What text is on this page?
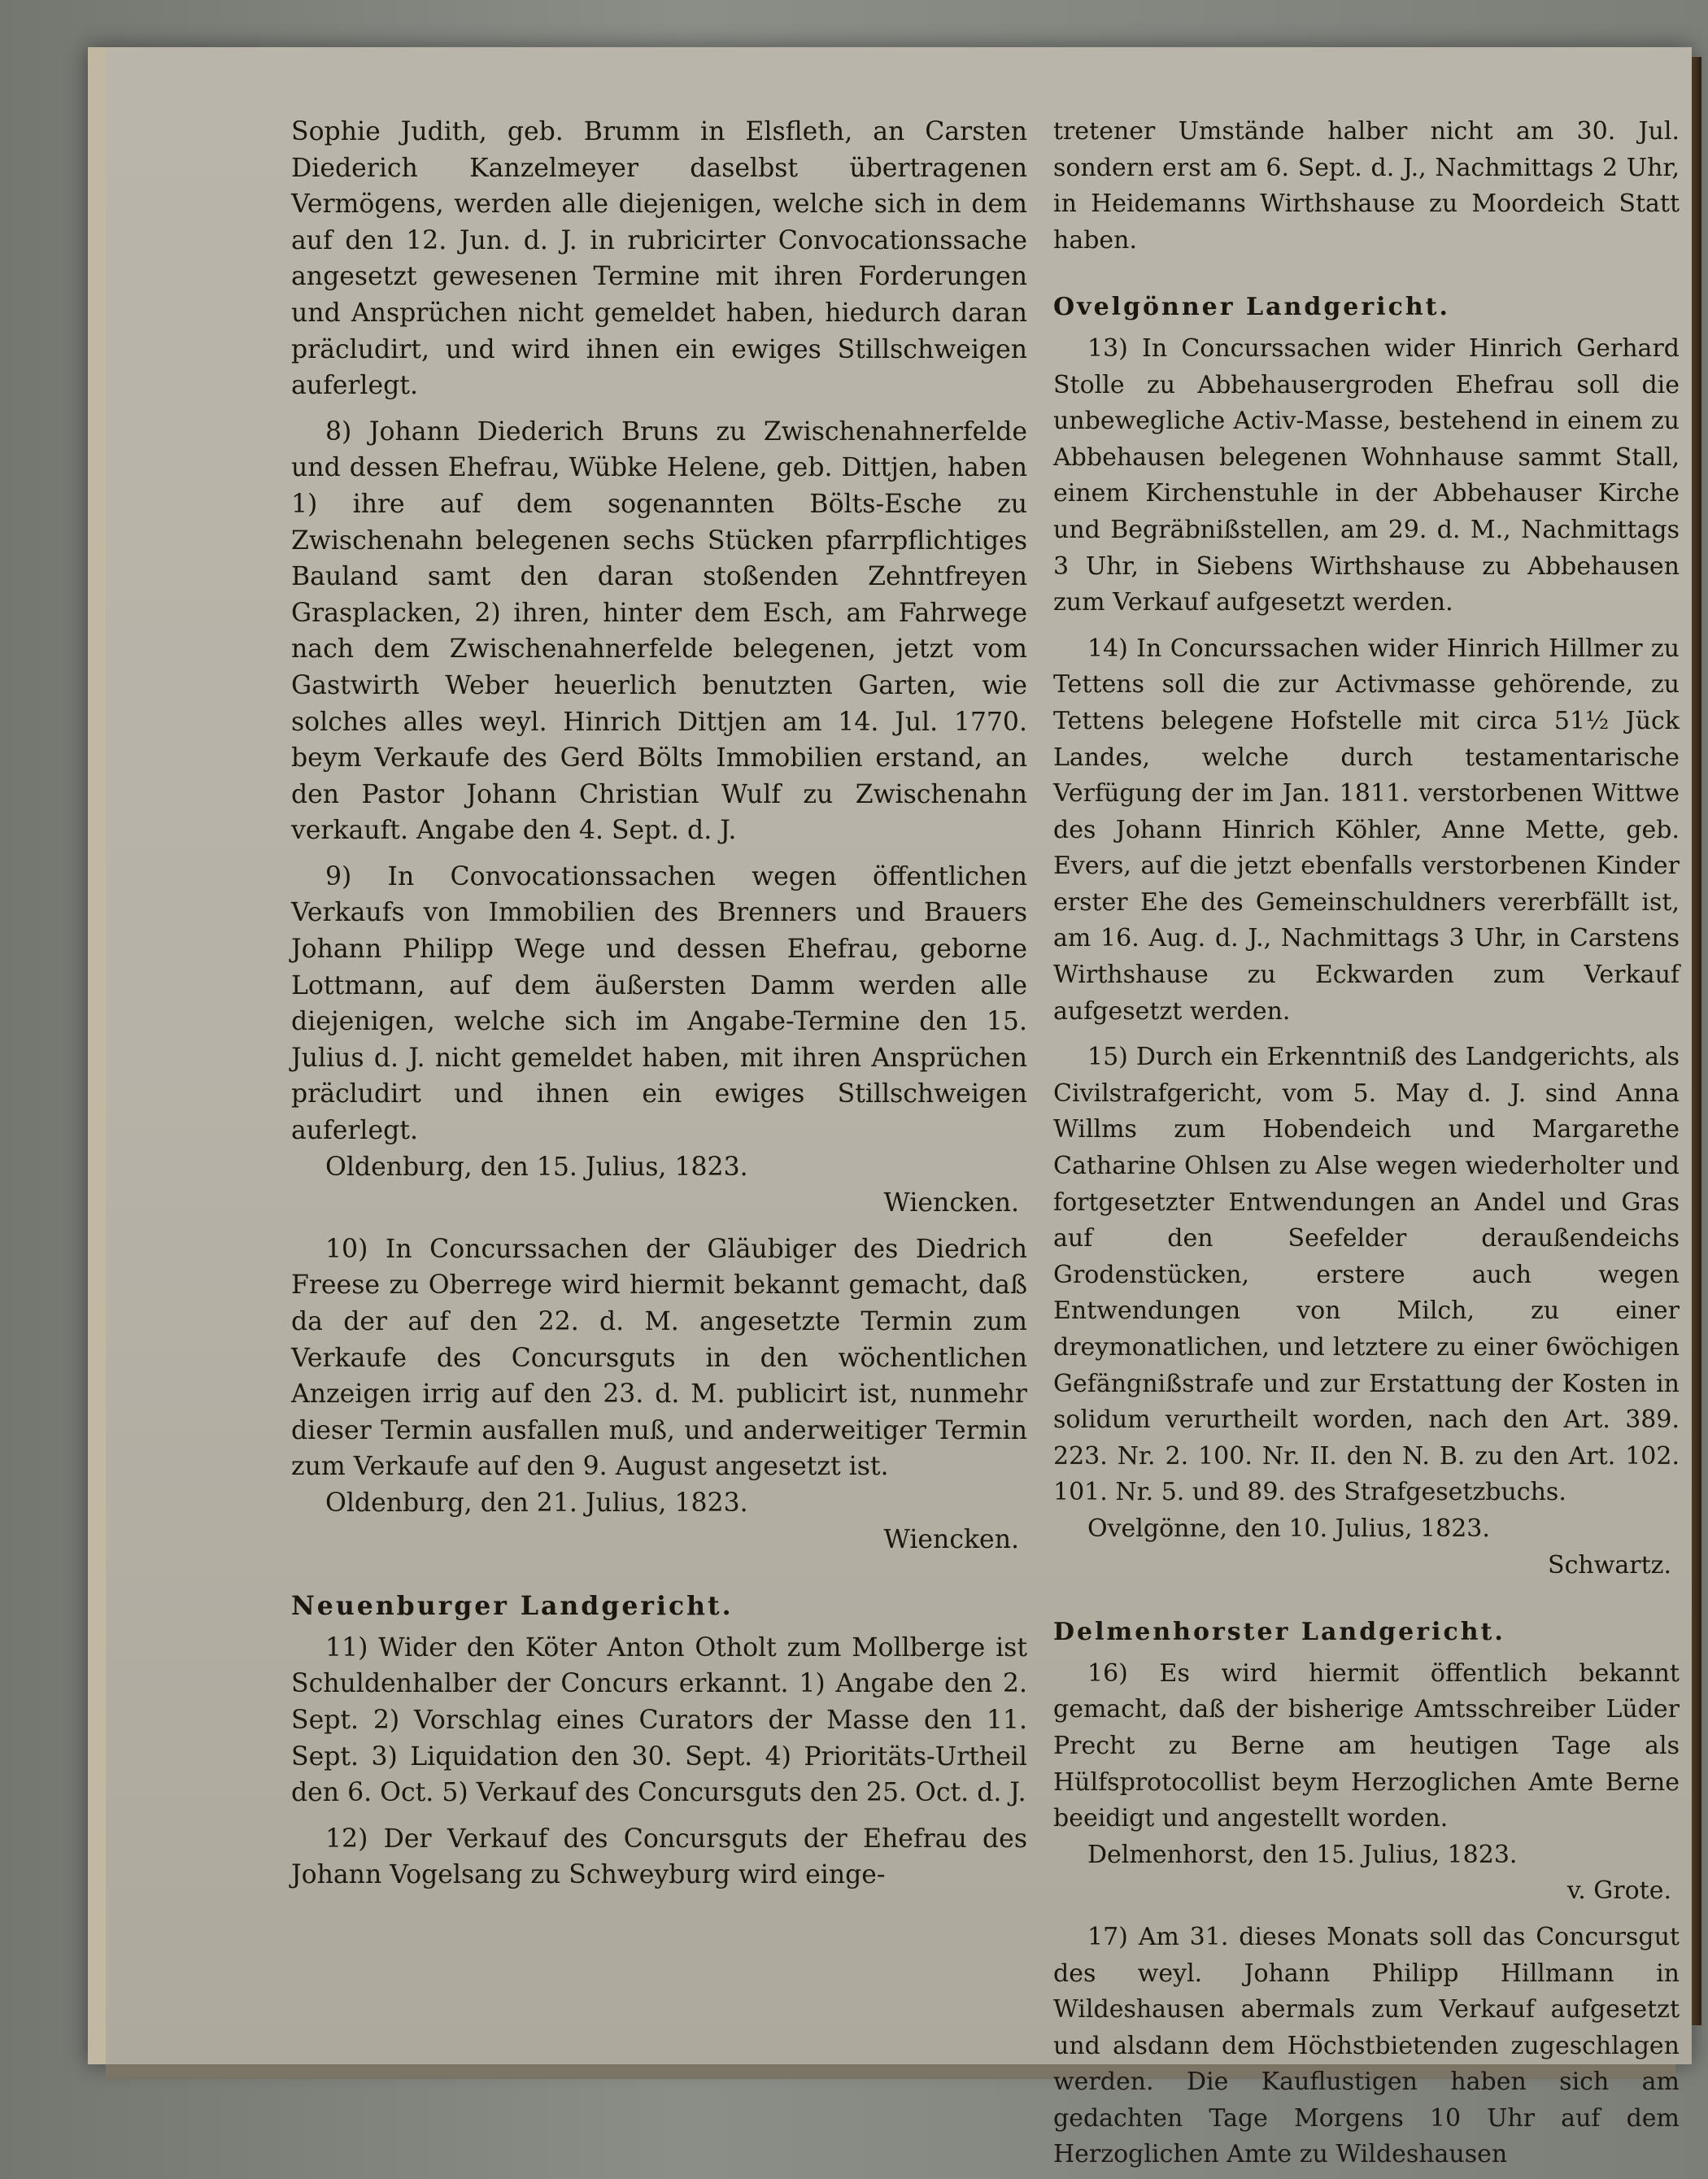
Sophie Judith, geb. Brumm in Elsfleth, an Carsten Diederich Kanzelmeyer daselbst übertragenen Vermögens, werden alle diejenigen, welche sich in dem auf den 12. Jun. d. J. in rubricirter Convocationssache angesetzt gewesenen Termine mit ihren Forderungen und Ansprüchen nicht gemeldet haben, hiedurch daran präcludirt, und wird ihnen ein ewiges Stillschweigen auferlegt.

8) Johann Diederich Bruns zu Zwischenahnerfelde und dessen Ehefrau, Wübke Helene, geb. Dittjen, haben 1) ihre auf dem sogenannten Bölts-Esche zu Zwischenahn belegenen sechs Stücken pfarrpflichtiges Bauland samt den daran stoßenden Zehntfreyen Grasplacken, 2) ihren, hinter dem Esch, am Fahrwege nach dem Zwischenahnerfelde belegenen, jetzt vom Gastwirth Weber heuerlich benutzten Garten, wie solches alles weyl. Hinrich Dittjen am 14. Jul. 1770. beym Verkaufe des Gerd Bölts Immobilien erstand, an den Pastor Johann Christian Wulf zu Zwischenahn verkauft. Angabe den 4. Sept. d. J.

9) In Convocationssachen wegen öffentlichen Verkaufs von Immobilien des Brenners und Brauers Johann Philipp Wege und dessen Ehefrau, geborne Lottmann, auf dem äußersten Damm werden alle diejenigen, welche sich im Angabe-Termine den 15. Julius d. J. nicht gemeldet haben, mit ihren Ansprüchen präcludirt und ihnen ein ewiges Stillschweigen auferlegt.

Oldenburg, den 15. Julius, 1823.

Wiencken.

10) In Concurssachen der Gläubiger des Diedrich Freese zu Oberrege wird hiermit bekannt gemacht, daß da der auf den 22. d. M. angesetzte Termin zum Verkaufe des Concursguts in den wöchentlichen Anzeigen irrig auf den 23. d. M. publicirt ist, nunmehr dieser Termin ausfallen muß, und anderweitiger Termin zum Verkaufe auf den 9. August angesetzt ist.

Oldenburg, den 21. Julius, 1823.

Wiencken.

Neuenburger Landgericht.

11) Wider den Köter Anton Otholt zum Mollberge ist Schuldenhalber der Concurs erkannt. 1) Angabe den 2. Sept. 2) Vorschlag eines Curators der Masse den 11. Sept. 3) Liquidation den 30. Sept. 4) Prioritäts-Urtheil den 6. Oct. 5) Verkauf des Concursguts den 25. Oct. d. J.

12) Der Verkauf des Concursguts der Ehefrau des Johann Vogelsang zu Schweyburg wird einge-

tretener Umstände halber nicht am 30. Jul. sondern erst am 6. Sept. d. J., Nachmittags 2 Uhr, in Heidemanns Wirthshause zu Moordeich Statt haben.

Ovelgönner Landgericht.

13) In Concurssachen wider Hinrich Gerhard Stolle zu Abbehausergroden Ehefrau soll die unbewegliche Activ-Masse, bestehend in einem zu Abbehausen belegenen Wohnhause sammt Stall, einem Kirchenstuhle in der Abbehauser Kirche und Begräbnißstellen, am 29. d. M., Nachmittags 3 Uhr, in Siebens Wirthshause zu Abbehausen zum Verkauf aufgesetzt werden.

14) In Concurssachen wider Hinrich Hillmer zu Tettens soll die zur Activmasse gehörende, zu Tettens belegene Hofstelle mit circa 51½ Jück Landes, welche durch testamentarische Verfügung der im Jan. 1811. verstorbenen Wittwe des Johann Hinrich Köhler, Anne Mette, geb. Evers, auf die jetzt ebenfalls verstorbenen Kinder erster Ehe des Gemeinschuldners vererbfällt ist, am 16. Aug. d. J., Nachmittags 3 Uhr, in Carstens Wirthshause zu Eckwarden zum Verkauf aufgesetzt werden.

15) Durch ein Erkenntniß des Landgerichts, als Civilstrafgericht, vom 5. May d. J. sind Anna Willms zum Hobendeich und Margarethe Catharine Ohlsen zu Alse wegen wiederholter und fortgesetzter Entwendungen an Andel und Gras auf den Seefelder deraußendeichs Grodenstücken, erstere auch wegen Entwendungen von Milch, zu einer dreymonatlichen, und letztere zu einer 6wöchigen Gefängnißstrafe und zur Erstattung der Kosten in solidum verurtheilt worden, nach den Art. 389. 223. Nr. 2. 100. Nr. II. den N. B. zu den Art. 102. 101. Nr. 5. und 89. des Strafgesetzbuchs.

Ovelgönne, den 10. Julius, 1823.

Schwartz.

Delmenhorster Landgericht.

16) Es wird hiermit öffentlich bekannt gemacht, daß der bisherige Amtsschreiber Lüder Precht zu Berne am heutigen Tage als Hülfsprotocollist beym Herzoglichen Amte Berne beeidigt und angestellt worden.

Delmenhorst, den 15. Julius, 1823.

v. Grote.

17) Am 31. dieses Monats soll das Concursgut des weyl. Johann Philipp Hillmann in Wildeshausen abermals zum Verkauf aufgesetzt und alsdann dem Höchstbietenden zugeschlagen werden. Die Kauflustigen haben sich am gedachten Tage Morgens 10 Uhr auf dem Herzoglichen Amte zu Wildeshausen
